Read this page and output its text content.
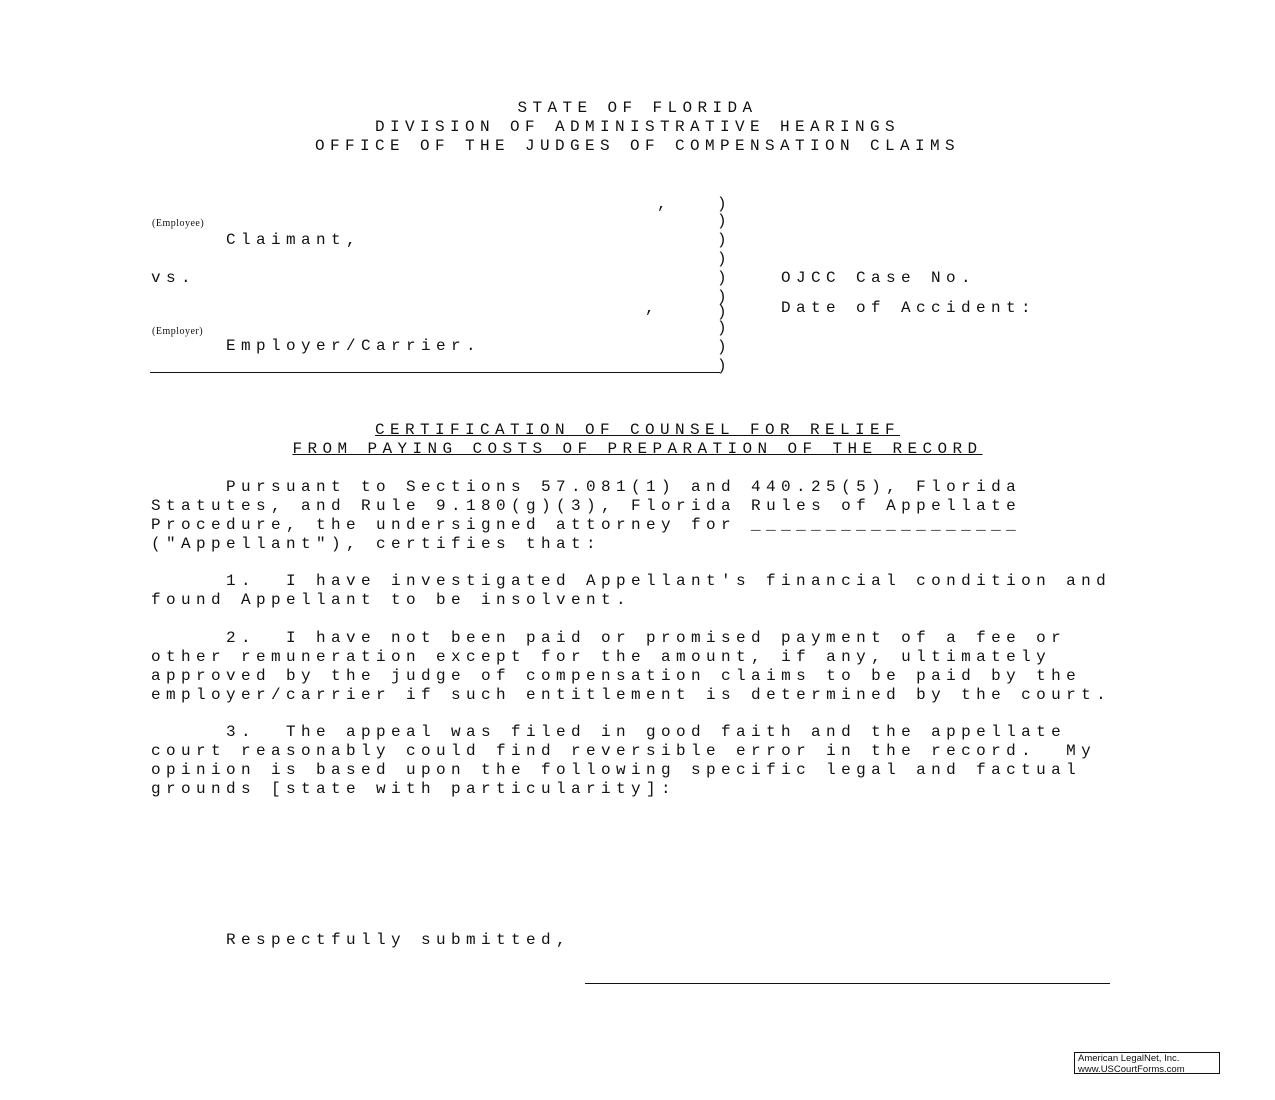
STATE OF FLORIDA
DIVISION OF ADMINISTRATIVE HEARINGS
OFFICE OF THE JUDGES OF COMPENSATION CLAIMS
,
(Employee)
Claimant,
vs.
,
(Employer)
Employer/Carrier.
)
)
)
)
)
)
)
)
)
)
OJCC Case No.
Date of Accident:
CERTIFICATION OF COUNSEL FOR RELIEF
FROM PAYING COSTS OF PREPARATION OF THE RECORD
Pursuant to Sections 57.081(1) and 440.25(5), Florida
Statutes, and Rule 9.180(g)(3), Florida Rules of Appellate
Procedure, the undersigned attorney for __________________
("Appellant"), certifies that:
1.  I have investigated Appellant's financial condition and
found Appellant to be insolvent.
2.  I have not been paid or promised payment of a fee or
other remuneration except for the amount, if any, ultimately
approved by the judge of compensation claims to be paid by the
employer/carrier if such entitlement is determined by the court.
3.  The appeal was filed in good faith and the appellate
court reasonably could find reversible error in the record.  My
opinion is based upon the following specific legal and factual
grounds [state with particularity]:
Respectfully submitted,
American LegalNet, Inc.
www.USCourtForms.com
